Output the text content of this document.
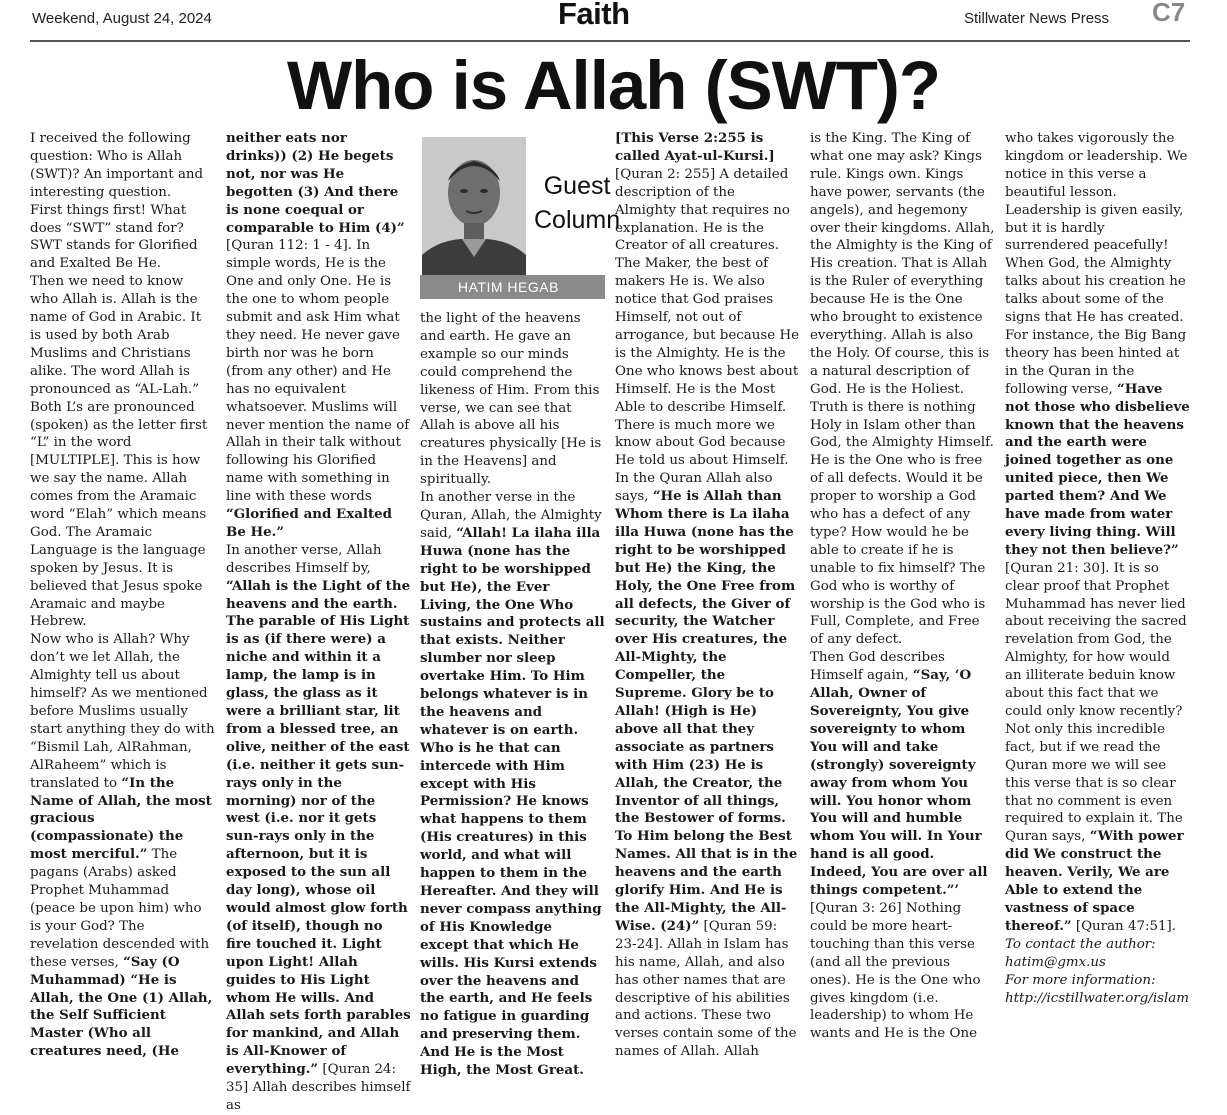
Weekend, August 24, 2024	Faith	Stillwater News Press C7
Who is Allah (SWT)?
Guest
Column
HATIM HEGAB
I received the following question: Who is Allah (SWT)? An important and interesting question.
First things first! What does “SWT” stand for? SWT stands for Glorified and Exalted Be He.
Then we need to know who Allah is. Allah is the name of God in Arabic. It is used by both Arab Muslims and Christians alike. The word Allah is pronounced as “AL-Lah.” Both L’s are pronounced (spoken) as the letter first “L” in the word [MULTIPLE]. This is how we say the name. Allah comes from the Aramaic word “Elah” which means God. The Aramaic Language is the language spoken by Jesus. It is believed that Jesus spoke Aramaic and maybe Hebrew.
Now who is Allah? Why don’t we let Allah, the Almighty tell us about himself? As we mentioned before Muslims usually start anything they do with “Bismil Lah, AlRahman, AlRaheem” which is translated to “In the Name of Allah, the most gracious (compassionate) the most merciful.” The pagans (Arabs) asked Prophet Muhammad (peace be upon him) who is your God? The revelation descended with these verses, “Say (O Muhammad) “He is Allah, the One (1) Allah, the Self Sufficient Master (Who all creatures need, (He
neither eats nor drinks)) (2) He begets not, nor was He begotten (3) And there is none coequal or comparable to Him (4)” [Quran 112: 1 - 4]. In simple words, He is the One and only One. He is the one to whom people submit and ask Him what they need. He never gave birth nor was he born (from any other) and He has no equivalent whatsoever. Muslims will never mention the name of Allah in their talk without following his Glorified name with something in line with these words “Glorified and Exalted Be He.”
In another verse, Allah describes Himself by, “Allah is the Light of the heavens and the earth. The parable of His Light is as (if there were) a niche and within it a lamp, the lamp is in glass, the glass as it were a brilliant star, lit from a blessed tree, an olive, neither of the east (i.e. neither it gets sun-rays only in the morning) nor of the west (i.e. nor it gets sun-rays only in the afternoon, but it is exposed to the sun all day long), whose oil would almost glow forth (of itself), though no fire touched it. Light upon Light! Allah guides to His Light whom He wills. And Allah sets forth parables for mankind, and Allah is All-Knower of everything.” [Quran 24: 35] Allah describes himself as
the light of the heavens and earth. He gave an example so our minds could comprehend the likeness of Him. From this verse, we can see that Allah is above all his creatures physically [He is in the Heavens] and spiritually.
In another verse in the Quran, Allah, the Almighty said, “Allah! La ilaha illa Huwa (none has the right to be worshipped but He), the Ever Living, the One Who sustains and protects all that exists. Neither slumber nor sleep overtake Him. To Him belongs whatever is in the heavens and whatever is on earth. Who is he that can intercede with Him except with His Permission? He knows what happens to them (His creatures) in this world, and what will happen to them in the Hereafter. And they will never compass anything of His Knowledge except that which He wills. His Kursi extends over the heavens and the earth, and He feels no fatigue in guarding and preserving them. And He is the Most High, the Most Great.
[This Verse 2:255 is called Ayat-ul-Kursi.] [Quran 2: 255] A detailed description of the Almighty that requires no explanation. He is the Creator of all creatures. The Maker, the best of makers He is. We also notice that God praises Himself, not out of arrogance, but because He is the Almighty. He is the One who knows best about Himself. He is the Most Able to describe Himself.
There is much more we know about God because He told us about Himself. In the Quran Allah also says, “He is Allah than Whom there is La ilaha illa Huwa (none has the right to be worshipped but He) the King, the Holy, the One Free from all defects, the Giver of security, the Watcher over His creatures, the All-Mighty, the Compeller, the Supreme. Glory be to Allah! (High is He) above all that they associate as partners with Him (23) He is Allah, the Creator, the Inventor of all things, the Bestower of forms. To Him belong the Best Names. All that is in the heavens and the earth glorify Him. And He is the All-Mighty, the All-Wise. (24)” [Quran 59: 23-24]. Allah in Islam has his name, Allah, and also has other names that are descriptive of his abilities and actions. These two verses contain some of the names of Allah. Allah
is the King. The King of what one may ask? Kings rule. Kings own. Kings have power, servants (the angels), and hegemony over their kingdoms. Allah, the Almighty is the King of His creation. That is Allah is the Ruler of everything because He is the One who brought to existence everything. Allah is also the Holy. Of course, this is a natural description of God. He is the Holiest. Truth is there is nothing Holy in Islam other than God, the Almighty Himself. He is the One who is free of all defects. Would it be proper to worship a God who has a defect of any type? How would he be able to create if he is unable to fix himself? The God who is worthy of worship is the God who is Full, Complete, and Free of any defect.
Then God describes Himself again, “Say, ‘O Allah, Owner of Sovereignty, You give sovereignty to whom You will and take (strongly) sovereignty away from whom You will. You honor whom You will and humble whom You will. In Your hand is all good. Indeed, You are over all things competent.”’ [Quran 3: 26] Nothing could be more heart-touching than this verse (and all the previous ones). He is the One who gives kingdom (i.e. leadership) to whom He wants and He is the One
who takes vigorously the kingdom or leadership. We notice in this verse a beautiful lesson. Leadership is given easily, but it is hardly surrendered peacefully!
When God, the Almighty talks about his creation he talks about some of the signs that He has created. For instance, the Big Bang theory has been hinted at in the Quran in the following verse, “Have not those who disbelieve known that the heavens and the earth were joined together as one united piece, then We parted them? And We have made from water every living thing. Will they not then believe?” [Quran 21: 30]. It is so clear proof that Prophet Muhammad has never lied about receiving the sacred revelation from God, the Almighty, for how would an illiterate beduin know about this fact that we could only know recently? Not only this incredible fact, but if we read the Quran more we will see this verse that is so clear that no comment is even required to explain it. The Quran says, “With power did We construct the heaven. Verily, We are Able to extend the vastness of space thereof.” [Quran 47:51].
To contact the author: hatim@gmx.us
For more information: http://icstillwater.org/islam
